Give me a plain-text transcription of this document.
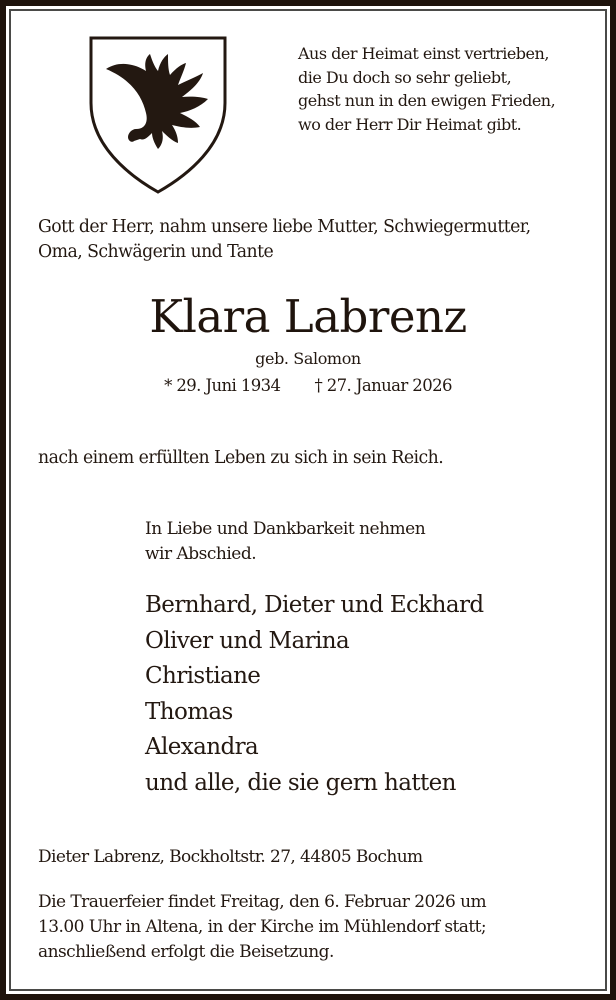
Aus der Heimat einst vertrieben,
die Du doch so sehr geliebt,
gehst nun in den ewigen Frieden,
wo der Herr Dir Heimat gibt.
Gott der Herr, nahm unsere liebe Mutter, Schwiegermutter,
Oma, Schwägerin und Tante
Klara Labrenz
geb. Salomon
* 29. Juni 1934 † 27. Januar 2026
nach einem erfüllten Leben zu sich in sein Reich.
In Liebe und Dankbarkeit nehmen
wir Abschied.
Bernhard, Dieter und Eckhard
Oliver und Marina
Christiane
Thomas
Alexandra
und alle, die sie gern hatten
Dieter Labrenz, Bockholtstr. 27, 44805 Bochum
Die Trauerfeier findet Freitag, den 6. Februar 2026 um
13.00 Uhr in Altena, in der Kirche im Mühlendorf statt;
anschließend erfolgt die Beisetzung.
